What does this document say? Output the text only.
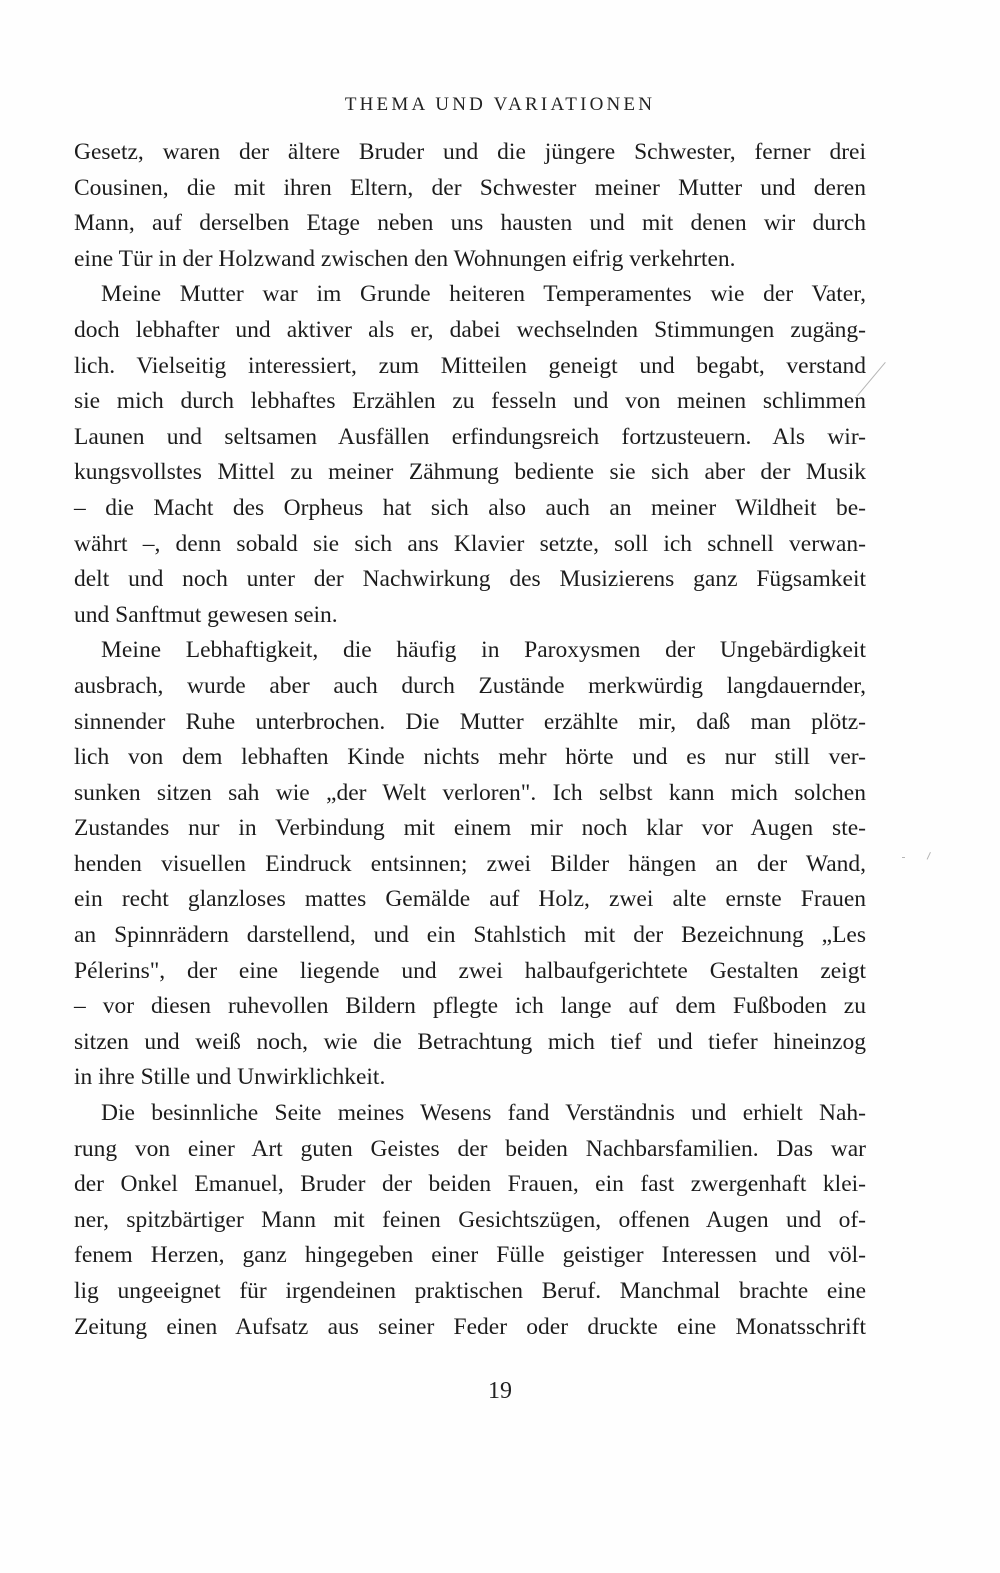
THEMA UND VARIATIONEN
Gesetz, waren der ältere Bruder und die jüngere Schwester, ferner drei
Cousinen, die mit ihren Eltern, der Schwester meiner Mutter und deren
Mann, auf derselben Etage neben uns hausten und mit denen wir durch
eine Tür in der Holzwand zwischen den Wohnungen eifrig verkehrten.
Meine Mutter war im Grunde heiteren Temperamentes wie der Vater,
doch lebhafter und aktiver als er, dabei wechselnden Stimmungen zugäng-
lich. Vielseitig interessiert, zum Mitteilen geneigt und begabt, verstand
sie mich durch lebhaftes Erzählen zu fesseln und von meinen schlimmen
Launen und seltsamen Ausfällen erfindungsreich fortzusteuern. Als wir-
kungsvollstes Mittel zu meiner Zähmung bediente sie sich aber der Musik
– die Macht des Orpheus hat sich also auch an meiner Wildheit be-
währt –, denn sobald sie sich ans Klavier setzte, soll ich schnell verwan-
delt und noch unter der Nachwirkung des Musizierens ganz Fügsamkeit
und Sanftmut gewesen sein.
Meine Lebhaftigkeit, die häufig in Paroxysmen der Ungebärdigkeit
ausbrach, wurde aber auch durch Zustände merkwürdig langdauernder,
sinnender Ruhe unterbrochen. Die Mutter erzählte mir, daß man plötz-
lich von dem lebhaften Kinde nichts mehr hörte und es nur still ver-
sunken sitzen sah wie „der Welt verloren". Ich selbst kann mich solchen
Zustandes nur in Verbindung mit einem mir noch klar vor Augen ste-
henden visuellen Eindruck entsinnen; zwei Bilder hängen an der Wand,
ein recht glanzloses mattes Gemälde auf Holz, zwei alte ernste Frauen
an Spinnrädern darstellend, und ein Stahlstich mit der Bezeichnung „Les
Pélerins", der eine liegende und zwei halbaufgerichtete Gestalten zeigt
– vor diesen ruhevollen Bildern pflegte ich lange auf dem Fußboden zu
sitzen und weiß noch, wie die Betrachtung mich tief und tiefer hineinzog
in ihre Stille und Unwirklichkeit.
Die besinnliche Seite meines Wesens fand Verständnis und erhielt Nah-
rung von einer Art guten Geistes der beiden Nachbarsfamilien. Das war
der Onkel Emanuel, Bruder der beiden Frauen, ein fast zwergenhaft klei-
ner, spitzbärtiger Mann mit feinen Gesichtszügen, offenen Augen und of-
fenem Herzen, ganz hingegeben einer Fülle geistiger Interessen und völ-
lig ungeeignet für irgendeinen praktischen Beruf. Manchmal brachte eine
Zeitung einen Aufsatz aus seiner Feder oder druckte eine Monatsschrift
19
